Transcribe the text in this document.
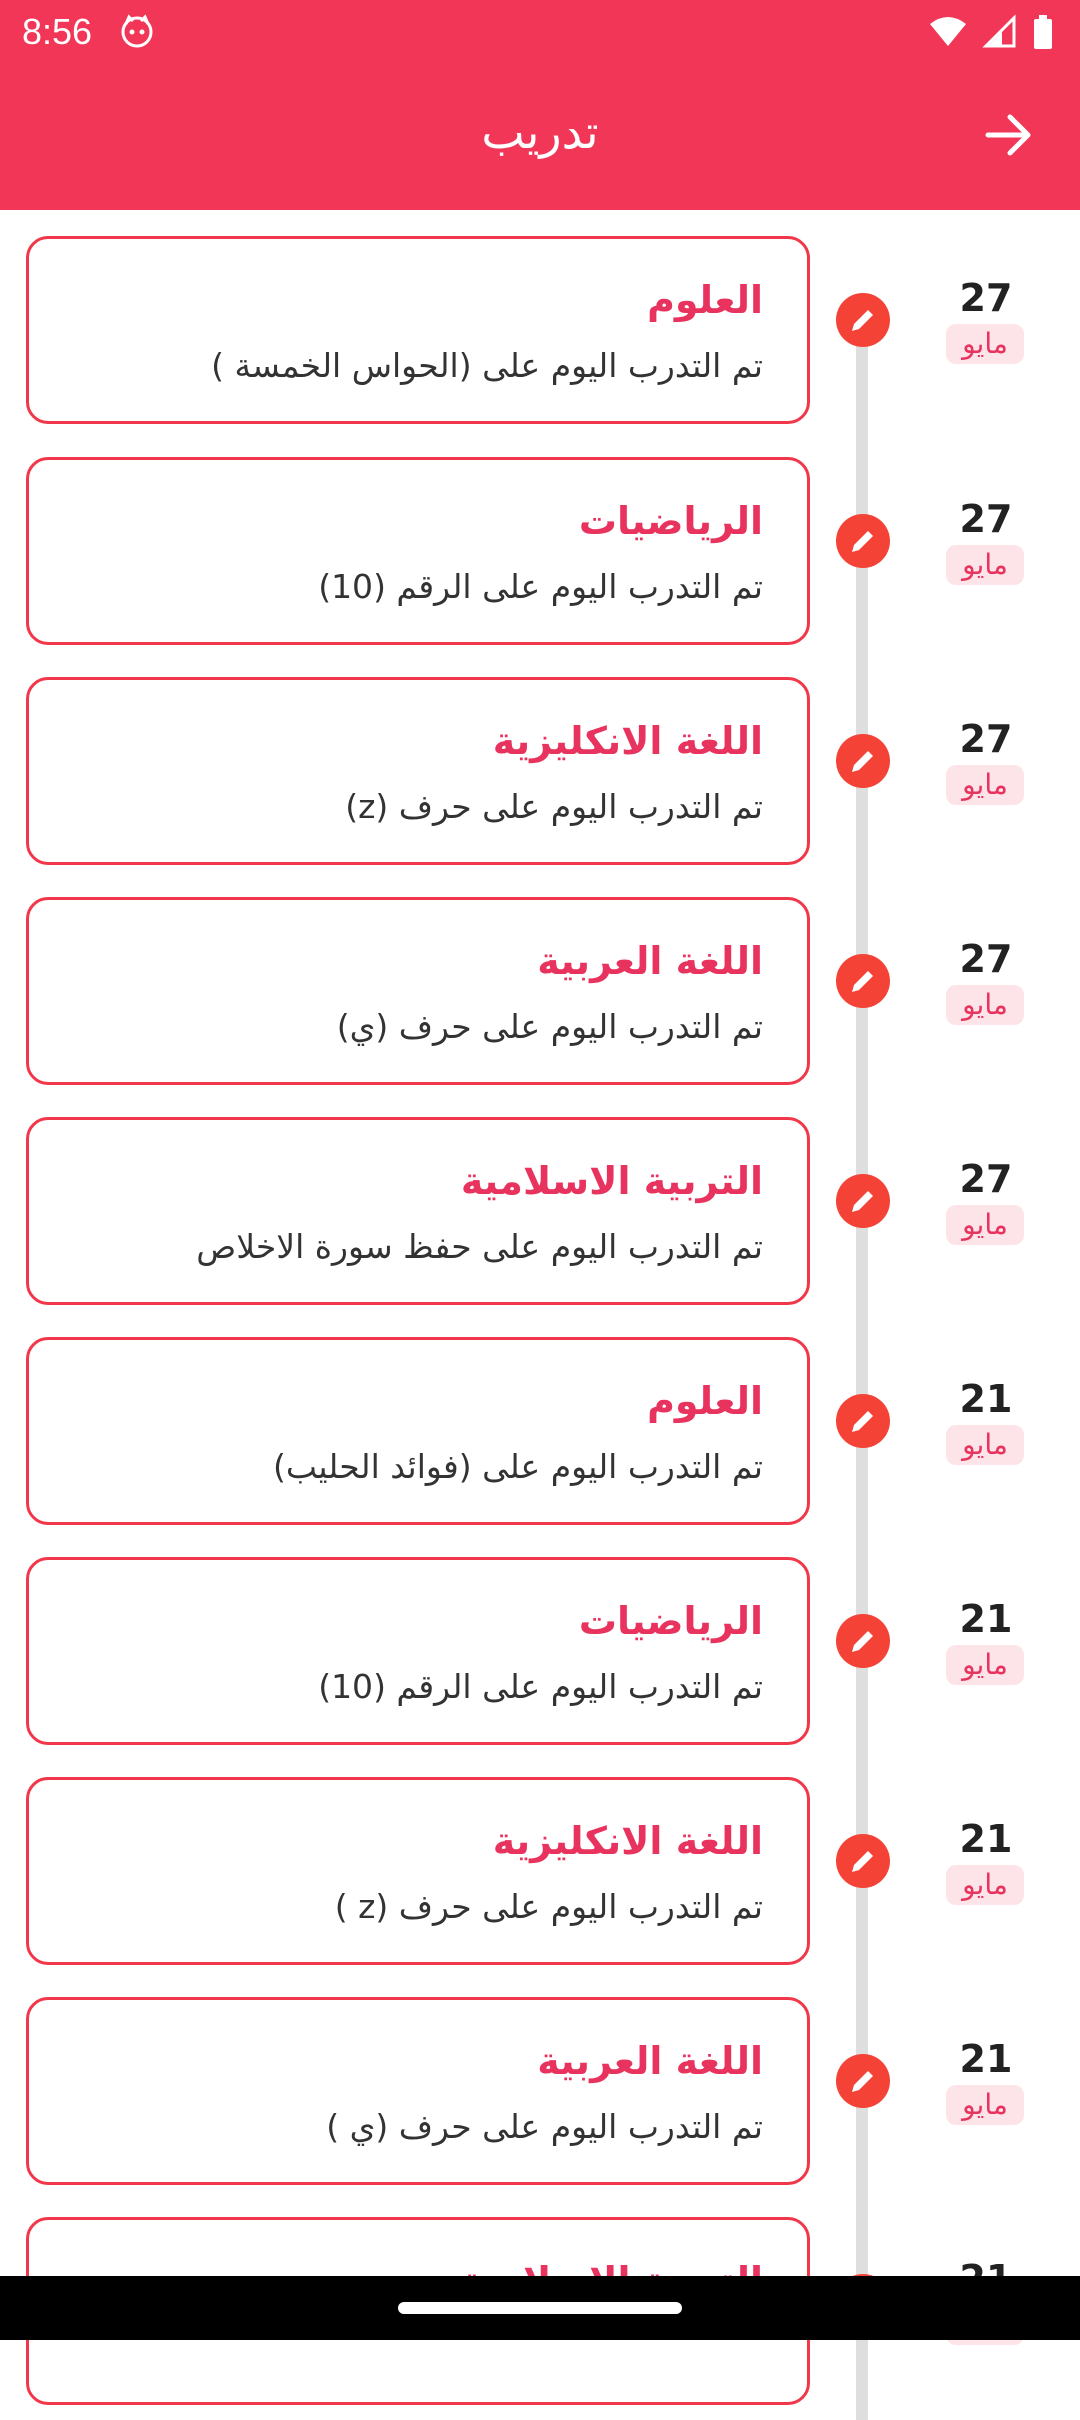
8:56
تدريب
العلوم
تم التدرب اليوم على (الحواس الخمسة )
27
مايو
الرياضيات
تم التدرب اليوم على الرقم (10)
27
مايو
اللغة الانكليزية
تم التدرب اليوم على حرف (z)
27
مايو
اللغة العربية
تم التدرب اليوم على حرف (ي)
27
مايو
التربية الاسلامية
تم التدرب اليوم على حفظ سورة الاخلاص
27
مايو
العلوم
تم التدرب اليوم على (فوائد الحليب)
21
مايو
الرياضيات
تم التدرب اليوم على الرقم (10)
21
مايو
اللغة الانكليزية
تم التدرب اليوم على حرف (z )
21
مايو
اللغة العربية
تم التدرب اليوم على حرف (ي )
21
مايو
